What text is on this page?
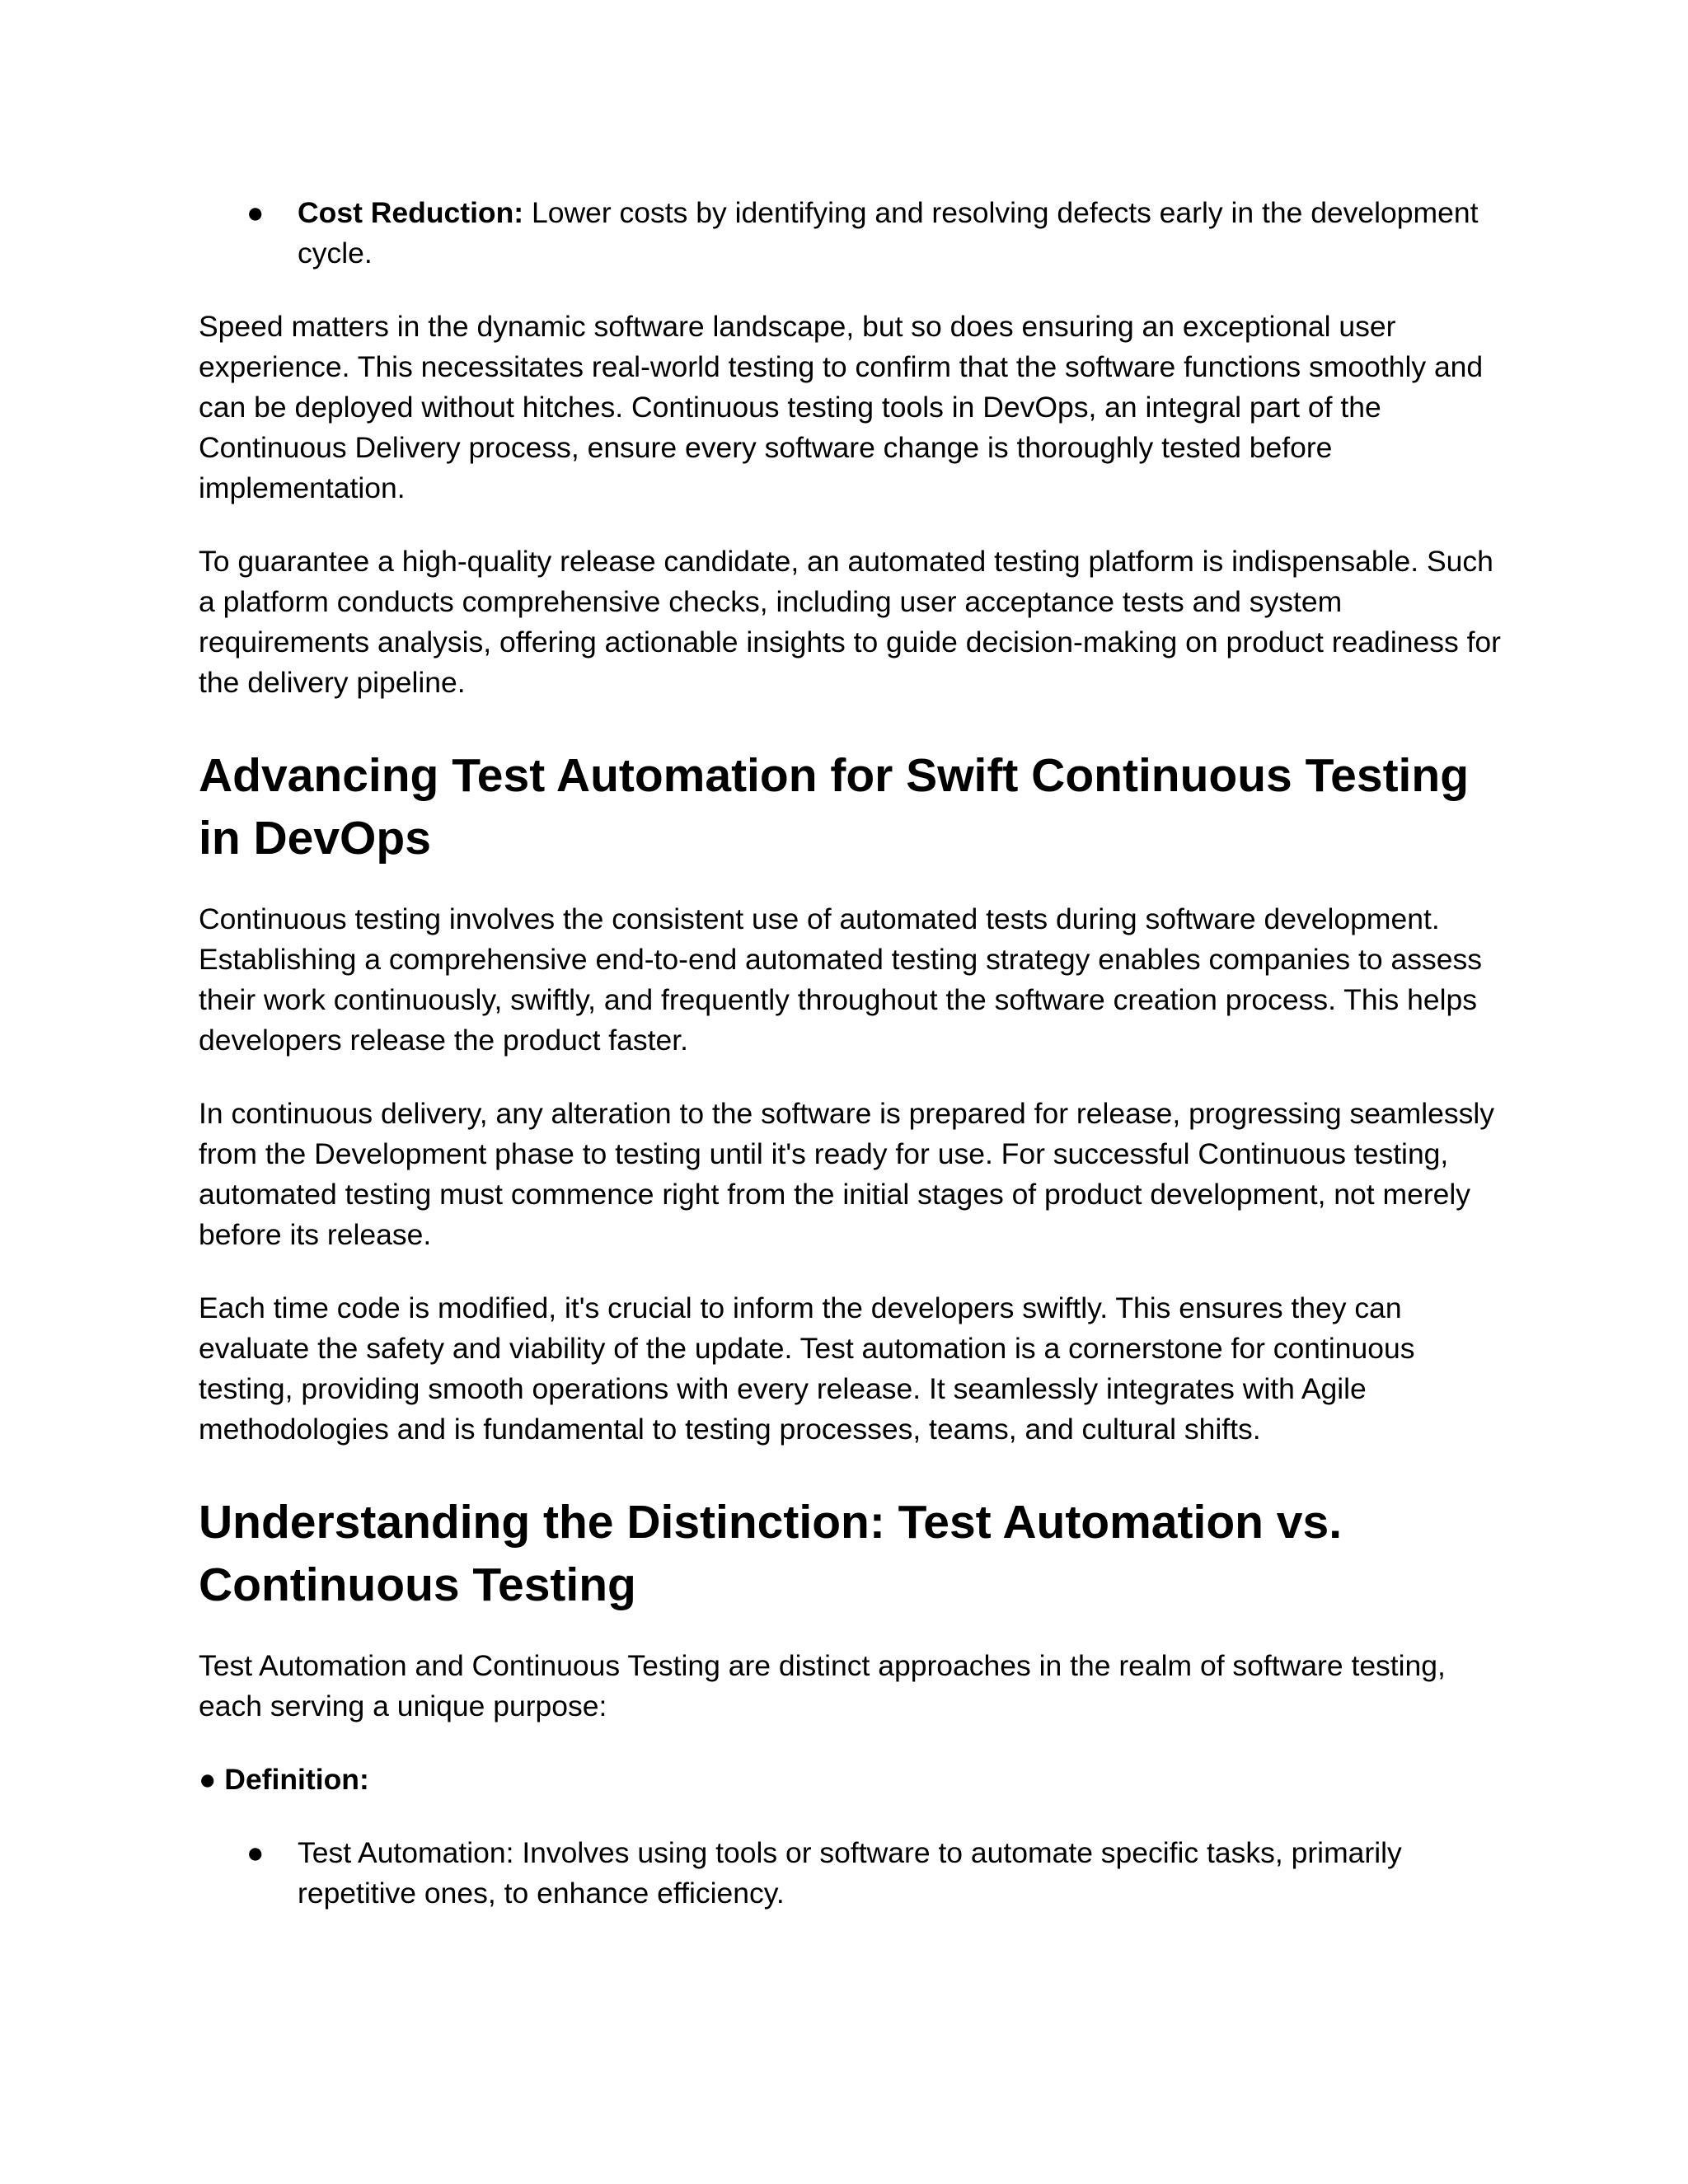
● Cost Reduction: Lower costs by identifying and resolving defects early in the development cycle.

Speed matters in the dynamic software landscape, but so does ensuring an exceptional user experience. This necessitates real-world testing to confirm that the software functions smoothly and can be deployed without hitches. Continuous testing tools in DevOps, an integral part of the Continuous Delivery process, ensure every software change is thoroughly tested before implementation.

To guarantee a high-quality release candidate, an automated testing platform is indispensable. Such a platform conducts comprehensive checks, including user acceptance tests and system requirements analysis, offering actionable insights to guide decision-making on product readiness for the delivery pipeline.

Advancing Test Automation for Swift Continuous Testing in DevOps

Continuous testing involves the consistent use of automated tests during software development. Establishing a comprehensive end-to-end automated testing strategy enables companies to assess their work continuously, swiftly, and frequently throughout the software creation process. This helps developers release the product faster.

In continuous delivery, any alteration to the software is prepared for release, progressing seamlessly from the Development phase to testing until it's ready for use. For successful Continuous testing, automated testing must commence right from the initial stages of product development, not merely before its release.

Each time code is modified, it's crucial to inform the developers swiftly. This ensures they can evaluate the safety and viability of the update. Test automation is a cornerstone for continuous testing, providing smooth operations with every release. It seamlessly integrates with Agile methodologies and is fundamental to testing processes, teams, and cultural shifts.

Understanding the Distinction: Test Automation vs. Continuous Testing

Test Automation and Continuous Testing are distinct approaches in the realm of software testing, each serving a unique purpose:

● Definition:

● Test Automation: Involves using tools or software to automate specific tasks, primarily repetitive ones, to enhance efficiency.
